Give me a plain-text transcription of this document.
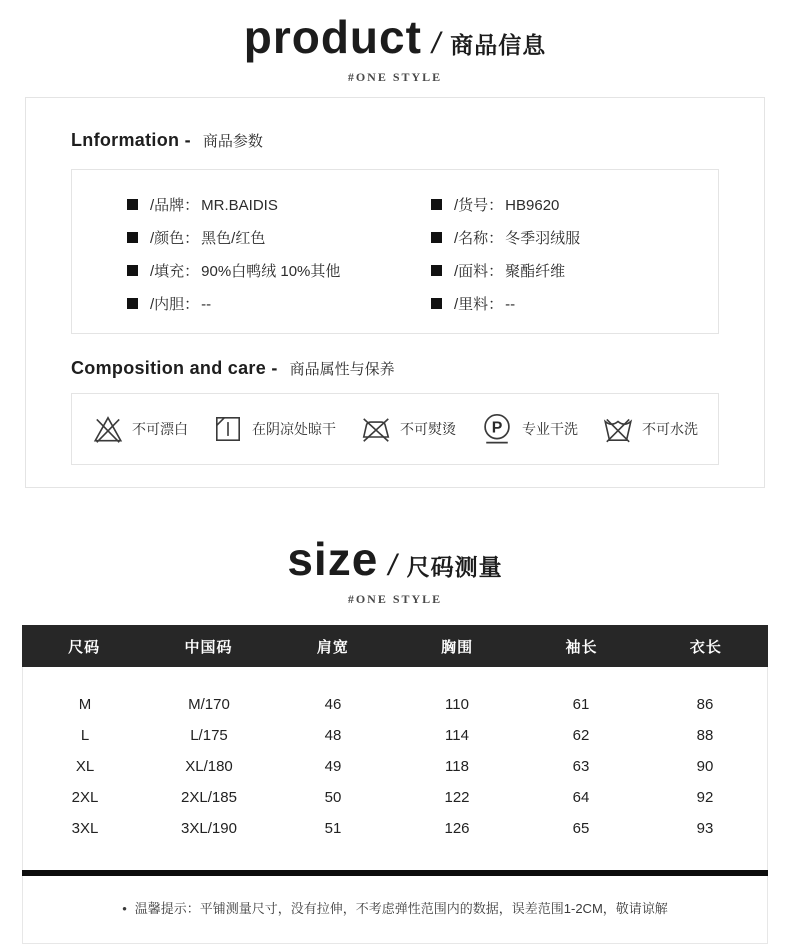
product / 商品信息
#ONE STYLE
Lnformation - 商品参数
/品牌： MR.BAIDIS	/货号： HB9620
/颜色： 黑色/红色	/名称： 冬季羽绒服
/填充： 90%白鸭绒 10%其他	/面料： 聚酯纤维
/内胆： --	/里料： --
Composition and care - 商品属性与保养
不可漂白	在阴凉处晾干	不可熨烫	P 专业干洗	不可水洗
size / 尺码测量
#ONE STYLE
尺码	中国码	肩宽	胸围	袖长	衣长
M	M/170	46	110	61	86
L	L/175	48	114	62	88
XL	XL/180	49	118	63	90
2XL	2XL/185	50	122	64	92
3XL	3XL/190	51	126	65	93
• 温馨提示：平铺测量尺寸，没有拉伸，不考虑弹性范围内的数据，误差范围1-2CM，敬请谅解
